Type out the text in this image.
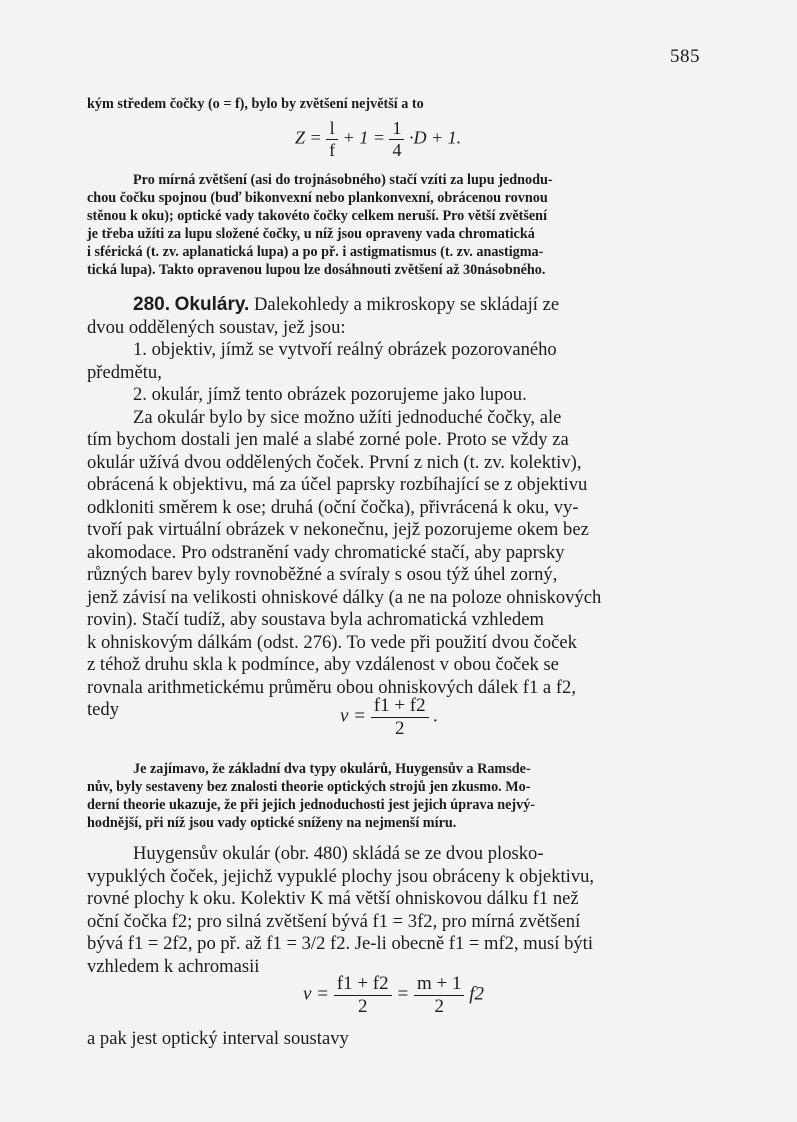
585

kým středem čočky (o = f), bylo by zvětšení největší a to

$Z = \frac{l}{f} + 1 = \frac{1}{4} \cdot D + 1$.

Pro mírná zvětšení (asi do trojnásobného) stačí vzíti za lupu jednodu-

chou čočku spojnou (buď bikonvexní nebo plankonvexní, obrácenou rovnou

stěnou k oku); optické vady takovéto čočky celkem neruší. Pro větší zvětšení

je třeba užíti za lupu složené čočky, u níž jsou opraveny vada chromatická

i sférická (t. zv. aplanatická lupa) a po př. i astigmatismus (t. zv. anastigma-

tická lupa). Takto opravenou lupou lze dosáhnouti zvětšení až 30násobného.

280. Okuláry. Dalekohledy a mikroskopy se skládají ze

dvou oddělených soustav, jež jsou:

1. objektiv, jímž se vytvoří reálný obrázek pozorovaného

předmětu,

2. okulár, jímž tento obrázek pozorujeme jako lupou.

Za okulár bylo by sice možno užíti jednoduché čočky, ale

tím bychom dostali jen malé a slabé zorné pole. Proto se vždy za

okulár užívá dvou oddělených čoček. První z nich (t. zv. kolektiv),

obrácená k objektivu, má za účel paprsky rozbíhající se z objektivu

odkloniti směrem k ose; druhá (oční čočka), přivrácená k oku, vy-

tvoří pak virtuální obrázek v nekonečnu, jejž pozorujeme okem bez

akomodace. Pro odstranění vady chromatické stačí, aby paprsky

různých barev byly rovnoběžné a svíraly s osou týž úhel zorný,

jenž závisí na velikosti ohniskové dálky (a ne na poloze ohniskových

rovin). Stačí tudíž, aby soustava byla achromatická vzhledem

k ohniskovým dálkám (odst. 276). To vede při použití dvou čoček

z téhož druhu skla k podmínce, aby vzdálenost v obou čoček se

rovnala arithmetickému průměru obou ohniskových dálek f1 a f2,

tedy	$v = \frac{f1 + f2}{2}$ .

Je zajímavo, že základní dva typy okulárů, Huygensův a Ramsde-

nův, byly sestaveny bez znalosti theorie optických strojů jen zkusmo. Mo-

derní theorie ukazuje, že při jejich jednoduchosti jest jejich úprava nejvý-

hodnější, při níž jsou vady optické sníženy na nejmenší míru.

Huygensův okulár (obr. 480) skládá se ze dvou plosko-

vypuklých čoček, jejichž vypuklé plochy jsou obráceny k objektivu,

rovné plochy k oku. Kolektiv K má větší ohniskovou dálku f1 než

oční čočka f2; pro silná zvětšení bývá f1 = 3f2, pro mírná zvětšení

bývá f1 = 2f2, po př. až f1 = 3/2 f2. Je-li obecně f1 = mf2, musí býti

vzhledem k achromasii

$v = \frac{f1 + f2}{2} = \frac{m + 1}{2} f2$

a pak jest optický interval soustavy
